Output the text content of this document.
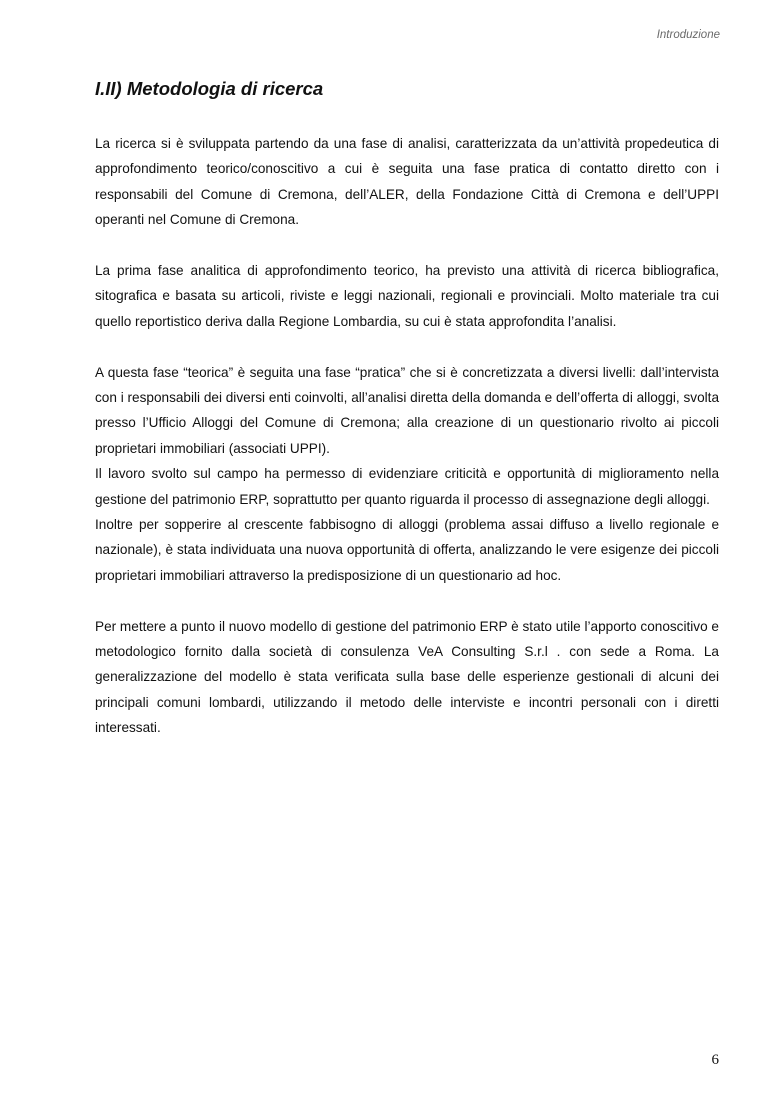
Introduzione
I.II) Metodologia di ricerca

La ricerca si è sviluppata partendo da una fase di analisi, caratterizzata da un’attività propedeutica di approfondimento teorico/conoscitivo a cui è seguita una fase pratica di contatto diretto con i responsabili del Comune di Cremona, dell’ALER, della Fondazione Città di Cremona e dell’UPPI operanti nel Comune di Cremona.

La prima fase analitica di approfondimento teorico, ha previsto una attività di ricerca bibliografica, sitografica e basata su articoli, riviste e leggi nazionali, regionali e provinciali. Molto materiale tra cui quello reportistico deriva dalla Regione Lombardia, su cui è stata approfondita l’analisi.

A questa fase “teorica” è seguita una fase “pratica” che si è concretizzata a diversi livelli: dall’intervista con i responsabili dei diversi enti coinvolti, all’analisi diretta della domanda e dell’offerta di alloggi, svolta presso l’Ufficio Alloggi del Comune di Cremona; alla creazione di un questionario rivolto ai piccoli proprietari immobiliari (associati UPPI).

Il lavoro svolto sul campo ha permesso di evidenziare criticità e opportunità di miglioramento nella gestione del patrimonio ERP, soprattutto per quanto riguarda il processo di assegnazione degli alloggi.

Inoltre per sopperire al crescente fabbisogno di alloggi (problema assai diffuso a livello regionale e nazionale), è stata individuata una nuova opportunità di offerta, analizzando le vere esigenze dei piccoli proprietari immobiliari attraverso la predisposizione di un questionario ad hoc.

Per mettere a punto il nuovo modello di gestione del patrimonio ERP è stato utile l’apporto conoscitivo e metodologico fornito dalla società di consulenza VeA Consulting S.r.l . con sede a Roma. La generalizzazione del modello è stata verificata sulla base delle esperienze gestionali di alcuni dei principali comuni lombardi, utilizzando il metodo delle interviste e incontri personali con i diretti interessati.

6
